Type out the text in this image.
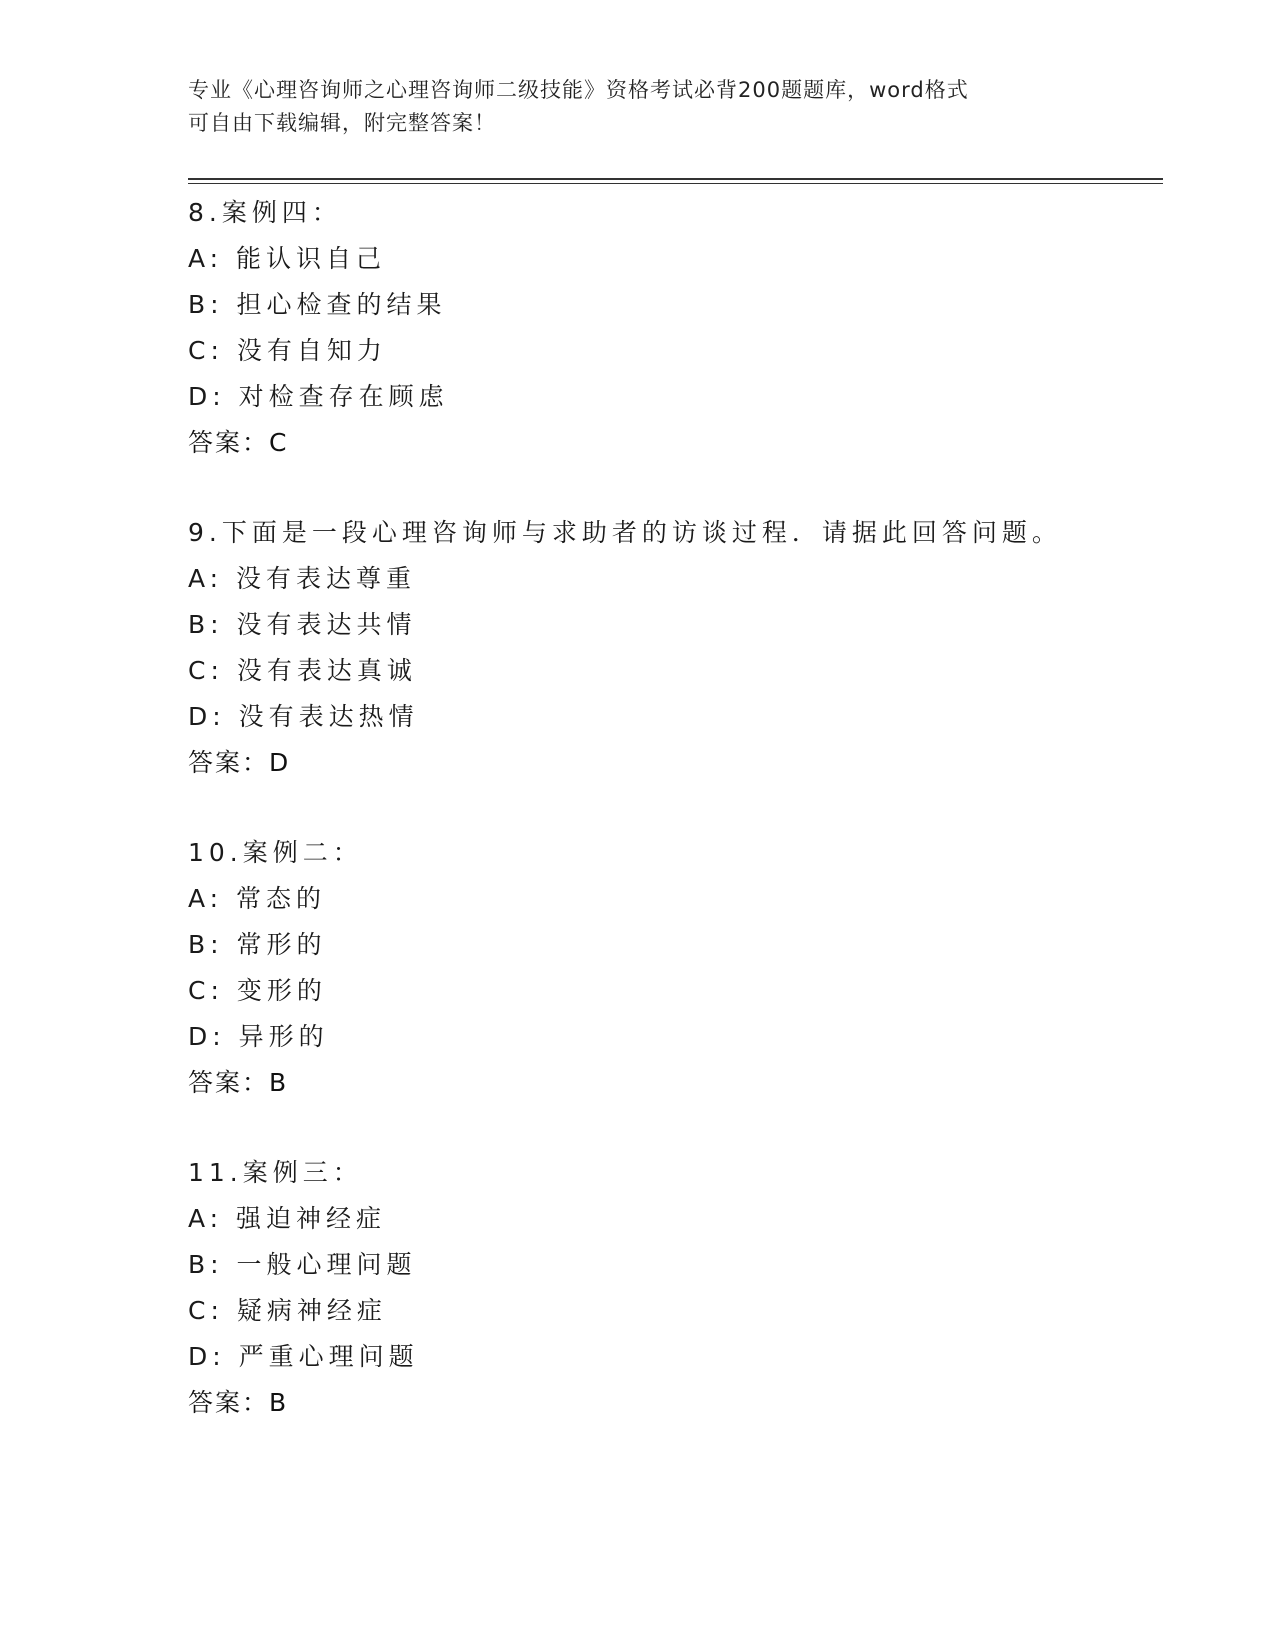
专业《心理咨询师之心理咨询师二级技能》资格考试必背200题题库，word格式
可自由下载编辑，附完整答案！
8.案例四：
A: 能认识自己
B: 担心检查的结果
C: 没有自知力
D: 对检查存在顾虑
答案：C
9.下面是一段心理咨询师与求助者的访谈过程．请据此回答问题。
A: 没有表达尊重
B: 没有表达共情
C: 没有表达真诚
D: 没有表达热情
答案：D
10.案例二：
A: 常态的
B: 常形的
C: 变形的
D: 异形的
答案：B
11.案例三：
A: 强迫神经症
B: 一般心理问题
C: 疑病神经症
D: 严重心理问题
答案：B
